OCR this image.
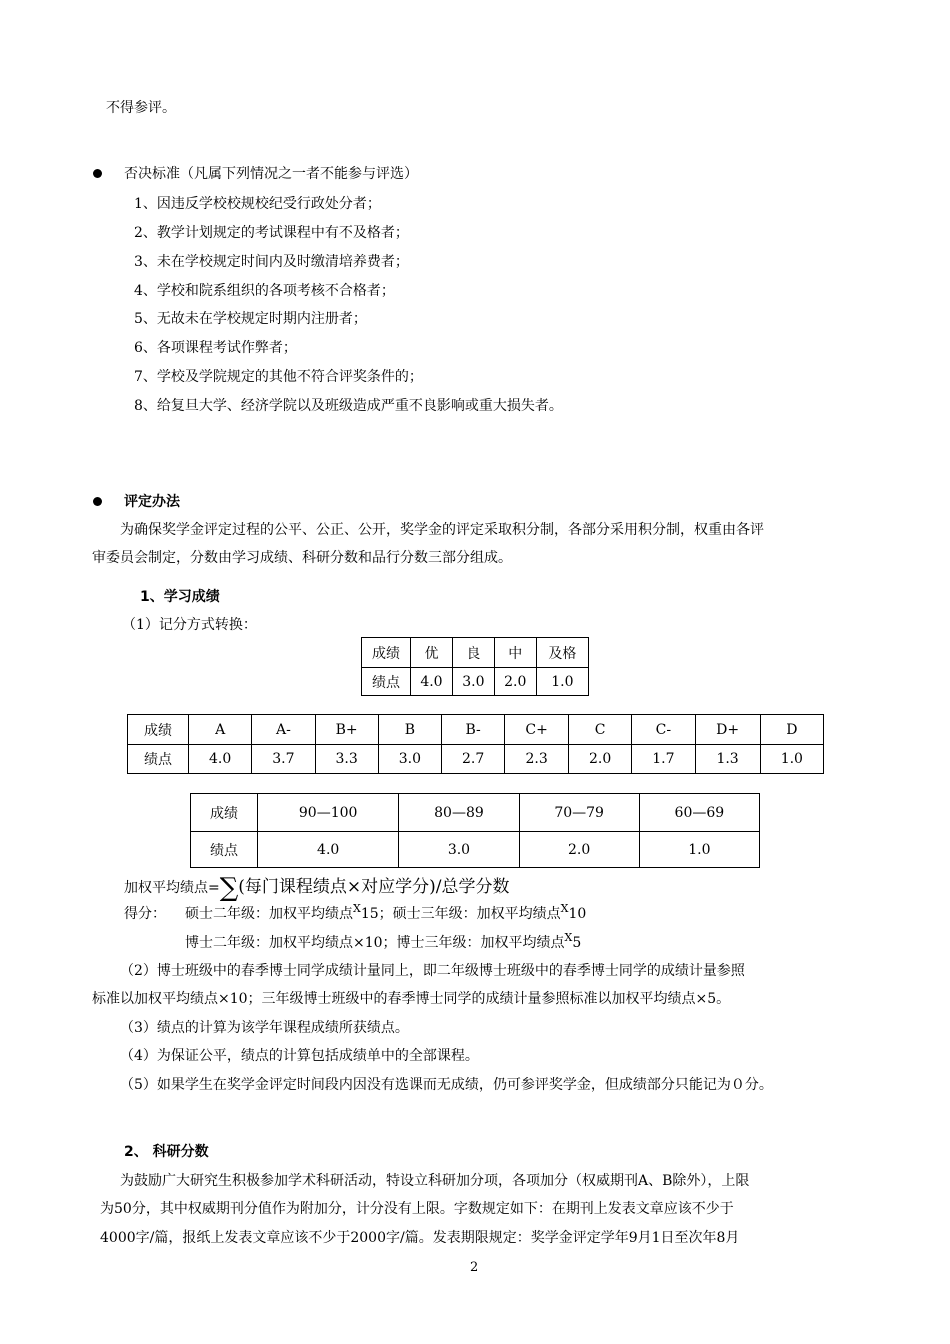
不得参评。
否决标准（凡属下列情况之一者不能参与评选）
1、因违反学校校规校纪受行政处分者；
2、教学计划规定的考试课程中有不及格者；
3、未在学校规定时间内及时缴清培养费者；
4、学校和院系组织的各项考核不合格者；
5、无故未在学校规定时期内注册者；
6、各项课程考试作弊者；
7、学校及学院规定的其他不符合评奖条件的；
8、给复旦大学、经济学院以及班级造成严重不良影响或重大损失者。
评定办法
为确保奖学金评定过程的公平、公正、公开，奖学金的评定采取积分制，各部分采用积分制，权重由各评
审委员会制定，分数由学习成绩、科研分数和品行分数三部分组成。
1、学习成绩
（1）记分方式转换：
成绩	优	良	中	及格
绩点	4.0	3.0	2.0	1.0
成绩	A	A-	B+	B	B-	C+	C	C-	D+	D
绩点	4.0	3.7	3.3	3.0	2.7	2.3	2.0	1.7	1.3	1.0
成绩	90—100	80—89	70—79	60—69
绩点	4.0	3.0	2.0	1.0
加权平均绩点=∑(每门课程绩点×对应学分)/总学分数
得分： 硕士二年级：加权平均绩点$^X$15；硕士三年级：加权平均绩点$^X$10
博士二年级：加权平均绩点×10；博士三年级：加权平均绩点$^X$5
（2）博士班级中的春季博士同学成绩计量同上，即二年级博士班级中的春季博士同学的成绩计量参照
标准以加权平均绩点×10；三年级博士班级中的春季博士同学的成绩计量参照标准以加权平均绩点×5。
（3）绩点的计算为该学年课程成绩所获绩点。
（4）为保证公平，绩点的计算包括成绩单中的全部课程。
（5）如果学生在奖学金评定时间段内因没有选课而无成绩，仍可参评奖学金，但成绩部分只能记为０分。
2、 科研分数
为鼓励广大研究生积极参加学术科研活动，特设立科研加分项，各项加分（权威期刊A、B除外），上限
为50分，其中权威期刊分值作为附加分，计分没有上限。字数规定如下：在期刊上发表文章应该不少于
4000字/篇，报纸上发表文章应该不少于2000字/篇。发表期限规定：奖学金评定学年9月1日至次年8月
2
